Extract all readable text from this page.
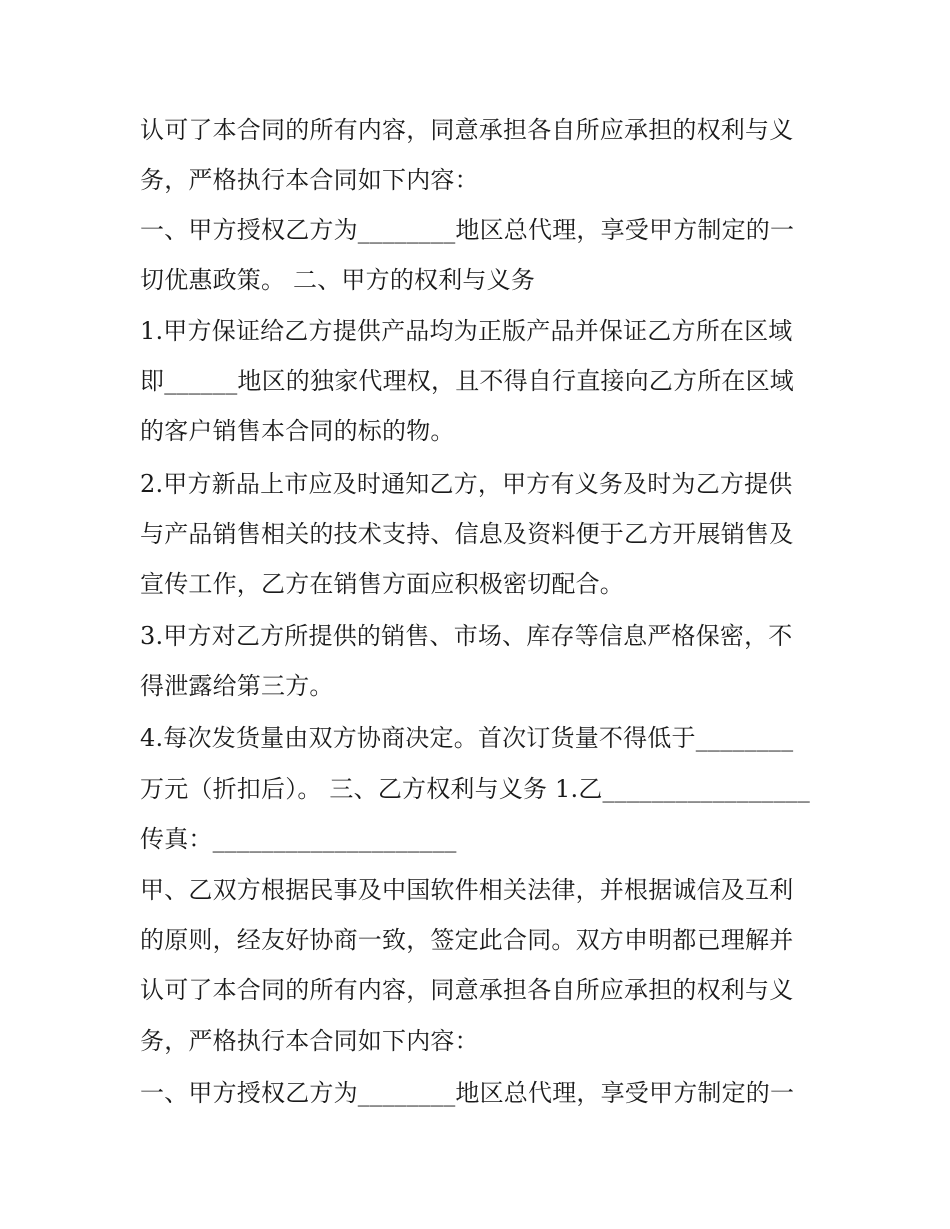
认可了本合同的所有内容，同意承担各自所应承担的权利与义
务，严格执行本合同如下内容：
一、甲方授权乙方为________地区总代理，享受甲方制定的一
切优惠政策。 二、甲方的权利与义务
1.甲方保证给乙方提供产品均为正版产品并保证乙方所在区域
即______地区的独家代理权，且不得自行直接向乙方所在区域
的客户销售本合同的标的物。
2.甲方新品上市应及时通知乙方，甲方有义务及时为乙方提供
与产品销售相关的技术支持、信息及资料便于乙方开展销售及
宣传工作，乙方在销售方面应积极密切配合。
3.甲方对乙方所提供的销售、市场、库存等信息严格保密，不
得泄露给第三方。
4.每次发货量由双方协商决定。首次订货量不得低于________
万元（折扣后）。 三、乙方权利与义务 1.乙_________________
传真：____________________
甲、乙双方根据民事及中国软件相关法律，并根据诚信及互利
的原则，经友好协商一致，签定此合同。双方申明都已理解并
认可了本合同的所有内容，同意承担各自所应承担的权利与义
务，严格执行本合同如下内容：
一、甲方授权乙方为________地区总代理，享受甲方制定的一
